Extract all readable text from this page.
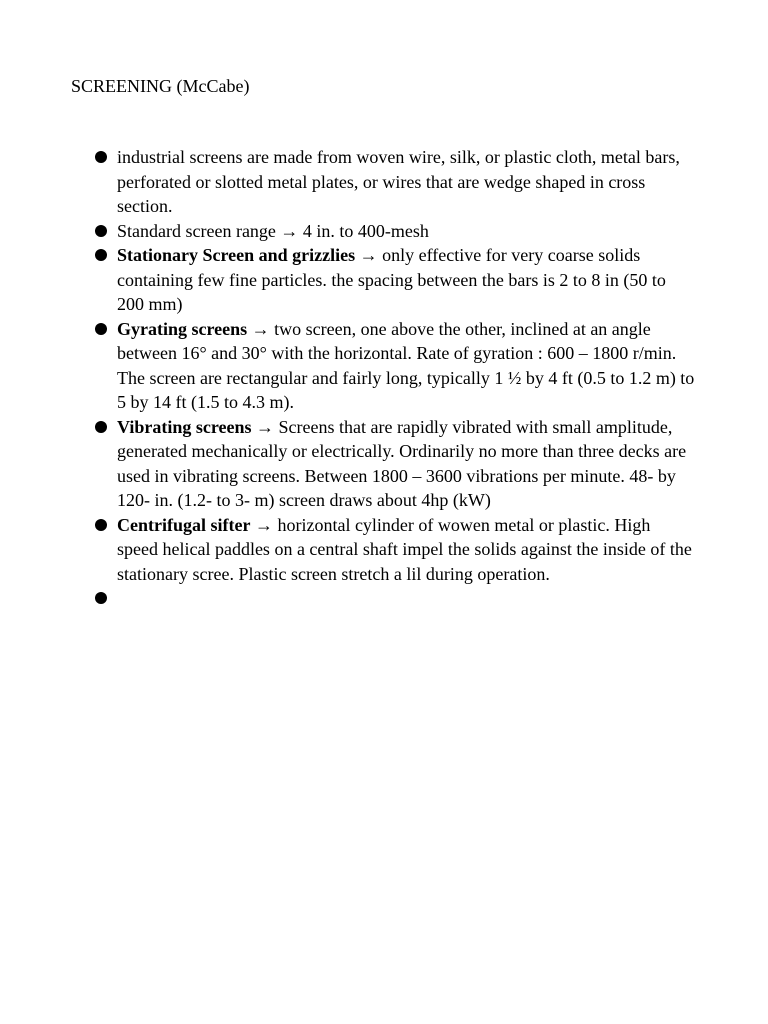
SCREENING (McCabe)
industrial screens are made from woven wire, silk, or plastic cloth, metal bars, perforated or slotted metal plates, or wires that are wedge shaped in cross section.
Standard screen range → 4 in. to 400-mesh
Stationary Screen and grizzlies → only effective for very coarse solids containing few fine particles. the spacing between the bars is 2 to 8 in (50 to 200 mm)
Gyrating screens → two screen, one above the other, inclined at an angle between 16° and 30° with the horizontal. Rate of gyration : 600 – 1800 r/min. The screen are rectangular and fairly long, typically 1 ½ by 4 ft (0.5 to 1.2 m) to 5 by 14 ft (1.5 to 4.3 m).
Vibrating screens → Screens that are rapidly vibrated with small amplitude, generated mechanically or electrically. Ordinarily no more than three decks are used in vibrating screens. Between 1800 – 3600 vibrations per minute. 48- by 120- in. (1.2- to 3- m) screen draws about 4hp (kW)
Centrifugal sifter → horizontal cylinder of wowen metal or plastic. High speed helical paddles on a central shaft impel the solids against the inside of the stationary scree. Plastic screen stretch a lil during operation.
